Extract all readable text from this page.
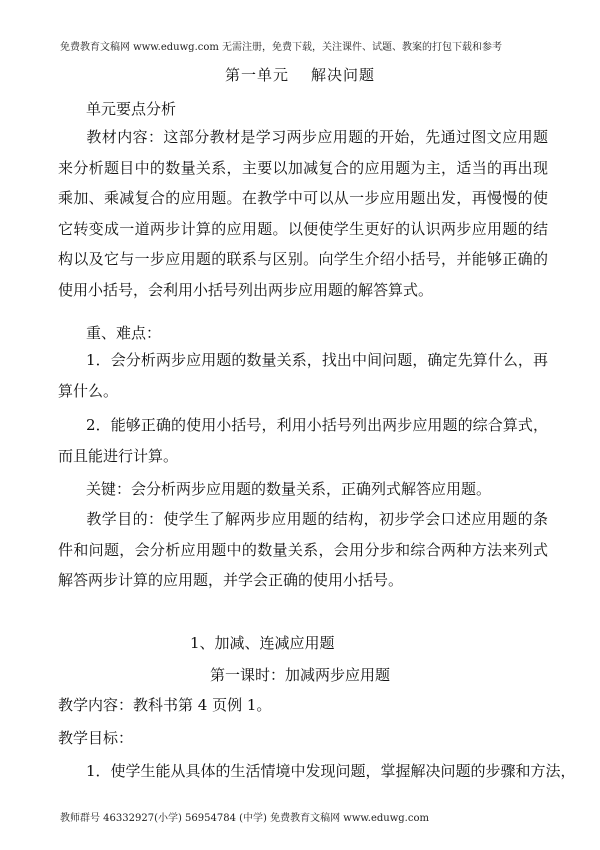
免费教育文稿网 www.eduwg.com 无需注册，免费下载，关注课件、试题、教案的打包下载和参考
第一单元 解决问题
单元要点分析
教材内容：这部分教材是学习两步应用题的开始，先通过图文应用题来分析题目中的数量关系，主要以加减复合的应用题为主，适当的再出现乘加、乘减复合的应用题。在教学中可以从一步应用题出发，再慢慢的使它转变成一道两步计算的应用题。以便使学生更好的认识两步应用题的结构以及它与一步应用题的联系与区别。向学生介绍小括号，并能够正确的使用小括号，会利用小括号列出两步应用题的解答算式。
重、难点：
1．会分析两步应用题的数量关系，找出中间问题，确定先算什么，再算什么。
2．能够正确的使用小括号，利用小括号列出两步应用题的综合算式，而且能进行计算。
关键：会分析两步应用题的数量关系，正确列式解答应用题。
教学目的：使学生了解两步应用题的结构，初步学会口述应用题的条件和问题，会分析应用题中的数量关系，会用分步和综合两种方法来列式解答两步计算的应用题，并学会正确的使用小括号。
1、加减、连减应用题
第一课时：加减两步应用题
教学内容：教科书第 4 页例 1。
教学目标：
1．使学生能从具体的生活情境中发现问题，掌握解决问题的步骤和方法，
教师群号 46332927(小学) 56954784 (中学) 免费教育文稿网 www.eduwg.com
